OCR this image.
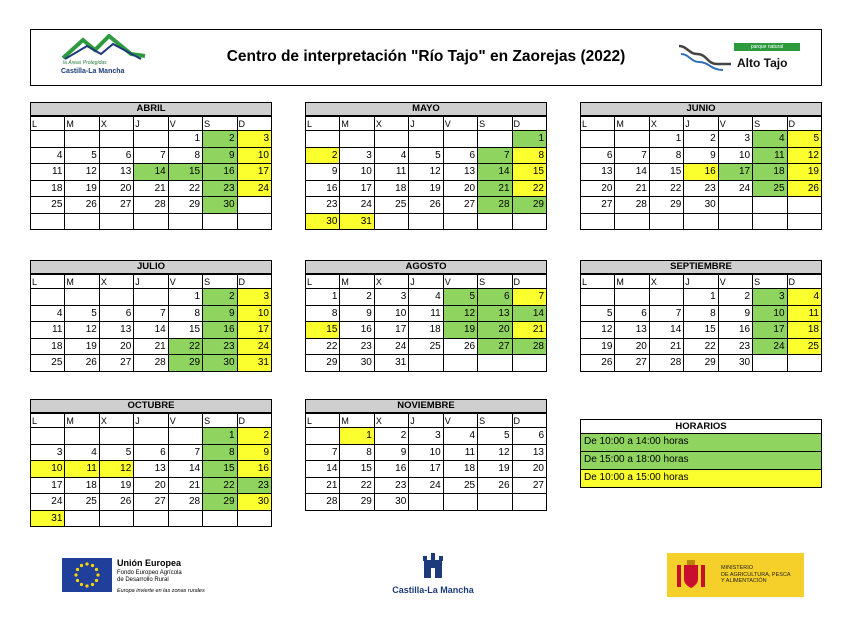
la Áreas Protegidas
Castilla-La Mancha
Centro de interpretación "Río Tajo" en Zaorejas (2022)
parque natural
Alto Tajo
ABRIL
L	M	X	J	V	S	D
				1	2	3
4	5	6	7	8	9	10
11	12	13	14	15	16	17
18	19	20	21	22	23	24
25	26	27	28	29	30	

MAYO
L	M	X	J	V	S	D
						1
2	3	4	5	6	7	8
9	10	11	12	13	14	15
16	17	18	19	20	21	22
23	24	25	26	27	28	29
30	31					
JUNIO
L	M	X	J	V	S	D
		1	2	3	4	5
6	7	8	9	10	11	12
13	14	15	16	17	18	19
20	21	22	23	24	25	26
27	28	29	30			

JULIO
L	M	X	J	V	S	D
				1	2	3
4	5	6	7	8	9	10
11	12	13	14	15	16	17
18	19	20	21	22	23	24
25	26	27	28	29	30	31
AGOSTO
L	M	X	J	V	S	D
1	2	3	4	5	6	7
8	9	10	11	12	13	14
15	16	17	18	19	20	21
22	23	24	25	26	27	28
29	30	31				
SEPTIEMBRE
L	M	X	J	V	S	D
			1	2	3	4
5	6	7	8	9	10	11
12	13	14	15	16	17	18
19	20	21	22	23	24	25
26	27	28	29	30		
OCTUBRE
L	M	X	J	V	S	D
					1	2
3	4	5	6	7	8	9
10	11	12	13	14	15	16
17	18	19	20	21	22	23
24	25	26	27	28	29	30
31						
NOVIEMBRE
L	M	X	J	V	S	D
	1	2	3	4	5	6
7	8	9	10	11	12	13
14	15	16	17	18	19	20
21	22	23	24	25	26	27
28	29	30				
HORARIOS
De 10:00 a 14:00 horas
De 15:00 a 18:00 horas
De 10:00 a 15:00 horas
Unión Europea
Fondo Europeo Agrícola
de Desarrollo Rural
Europa invierte en las zonas rurales	Castilla-La Mancha
MINISTERIO
DE AGRICULTURA, PESCA
Y ALIMENTACIÓN
